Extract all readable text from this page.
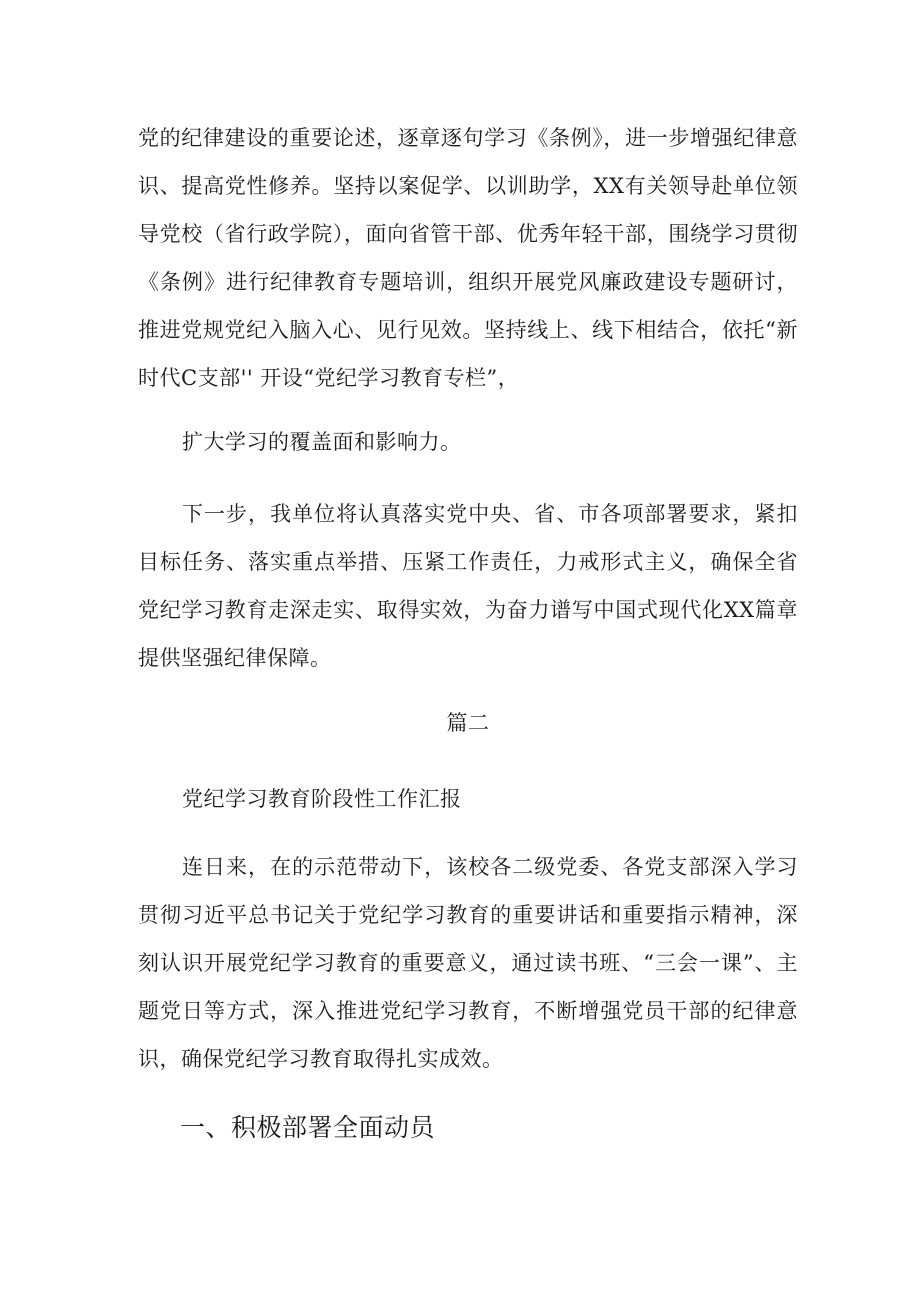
党的纪律建设的重要论述，逐章逐句学习《条例》，进一步增强纪律意识、提高党性修养。坚持以案促学、以训助学，XX有关领导赴单位领导党校（省行政学院），面向省管干部、优秀年轻干部，围绕学习贯彻《条例》进行纪律教育专题培训，组织开展党风廉政建设专题研讨，推进党规党纪入脑入心、见行见效。坚持线上、线下相结合，依托“新时代C支部'' 开设“党纪学习教育专栏”，

扩大学习的覆盖面和影响力。

下一步，我单位将认真落实党中央、省、市各项部署要求，紧扣目标任务、落实重点举措、压紧工作责任，力戒形式主义，确保全省党纪学习教育走深走实、取得实效，为奋力谱写中国式现代化XX篇章提供坚强纪律保障。

篇二

党纪学习教育阶段性工作汇报

连日来，在的示范带动下，该校各二级党委、各党支部深入学习贯彻习近平总书记关于党纪学习教育的重要讲话和重要指示精神，深刻认识开展党纪学习教育的重要意义，通过读书班、“三会一课”、主题党日等方式，深入推进党纪学习教育，不断增强党员干部的纪律意识，确保党纪学习教育取得扎实成效。

一、积极部署全面动员
